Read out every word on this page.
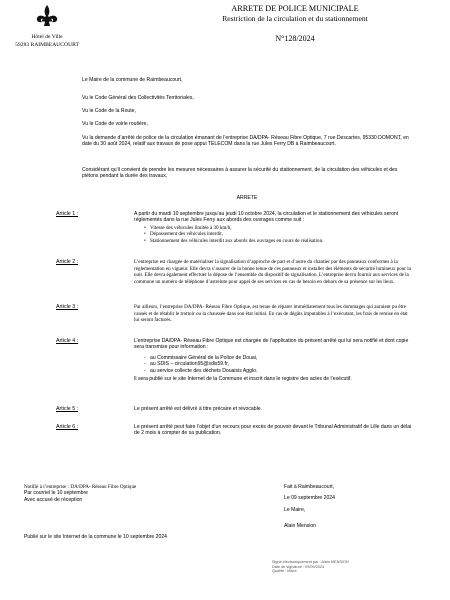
Hôtel de Ville
59283 RAIMBEAUCOURT
ARRETE DE POLICE MUNICIPALE
Restriction de la circulation et du stationnement
N°128/2024
Le Maire de la commune de Raimbeaucourt,
Vu le Code Général des Collectivités Territoriales,
Vu le Code de la Route,
Vu le Code de voirie routière,
Vu la demande d’arrêté de police de la circulation émanant de l’entreprise DA/DPA- Réseau Fibre Optique, 7 rue Descartes, 95330 DOMONT, en date du 30 août 2024, relatif aux travaux de pose appui TELECOM dans la rue Jules Ferry DB à Raimbeaucourt.
Considérant qu’il convient de prendre les mesures nécessaires à assurer la sécurité du stationnement, de la circulation des véhicules et des piétons pendant la durée des travaux,
ARRETE
Article 1 :	A partir du mardi 10 septembre jusqu’au jeudi 10 octobre 2024, la circulation et le stationnement des véhicules seront réglementés dans la rue Jules Ferry aux abords des ouvrages comme suit :
• Vitesse des véhicules limitée à 30 km/h,
• Dépassement des véhicules interdit,
• Stationnement des véhicules interdit aux abords des ouvrages en cours de réalisation.
Article 2 :	L’entreprise est chargée de matérialiser la signalisation d’approche de part et d’autre du chantier par des panneaux conformes à la réglementation en vigueur. Elle devra s’assurer de la bonne tenue de ces panneaux et installer des éléments de sécurité lumineux pour la nuit. Elle devra également effectuer la dépose de l’ensemble du dispositif de signalisation. L’entreprise devra fournir aux services de la commune un numéro de téléphone d’astreinte pour appel de ses services en cas de besoin en dehors de sa présence sur les lieux.
Article 3 :	Par ailleurs, l’entreprise DA/DPA- Réseau Fibre Optique, est tenue de réparer immédiatement tous les dommages qui auraient pu être causés et de rétablir le trottoir ou la chaussée dans son état initial. En cas de dégâts imputables à l’exécutant, les frais de remise en état lui seront facturés.
Article 4 :	L’entreprise DA/DPA- Réseau Fibre Optique est chargée de l’application du présent arrêté qui lui sera notifié et dont copie sera transmise pour information :
- au Commissaire Général de la Police de Douai,
- au SDIS – circulation95@sdis59.fr,
- au service collecte des déchets Douaisis Agglo.
Il sera publié sur le site Internet de la Commune et inscrit dans le registre des actes de l’exécutif.
Article 5 :	Le présent arrêté est délivré à titre précaire et révocable.
Article 6 :	Le présent arrêté peut faire l’objet d’un recours pour excès de pouvoir devant le Tribunal Administratif de Lille dans un délai de 2 mois à compter de sa publication.
Notifié à l’entreprise : DA/DPA- Réseau Fibre Optique
Par courriel le 10 septembre
Avec accusé de réception
Fait à Raimbeaucourt,
Le 09 septembre 2024
Le Maire,
Alain Mension
Publié sur le site Internet de la commune le 10 septembre 2024
Signé électroniquement par : Alain MENSION
Date de signature : 09/09/2024
Qualité : Maire
